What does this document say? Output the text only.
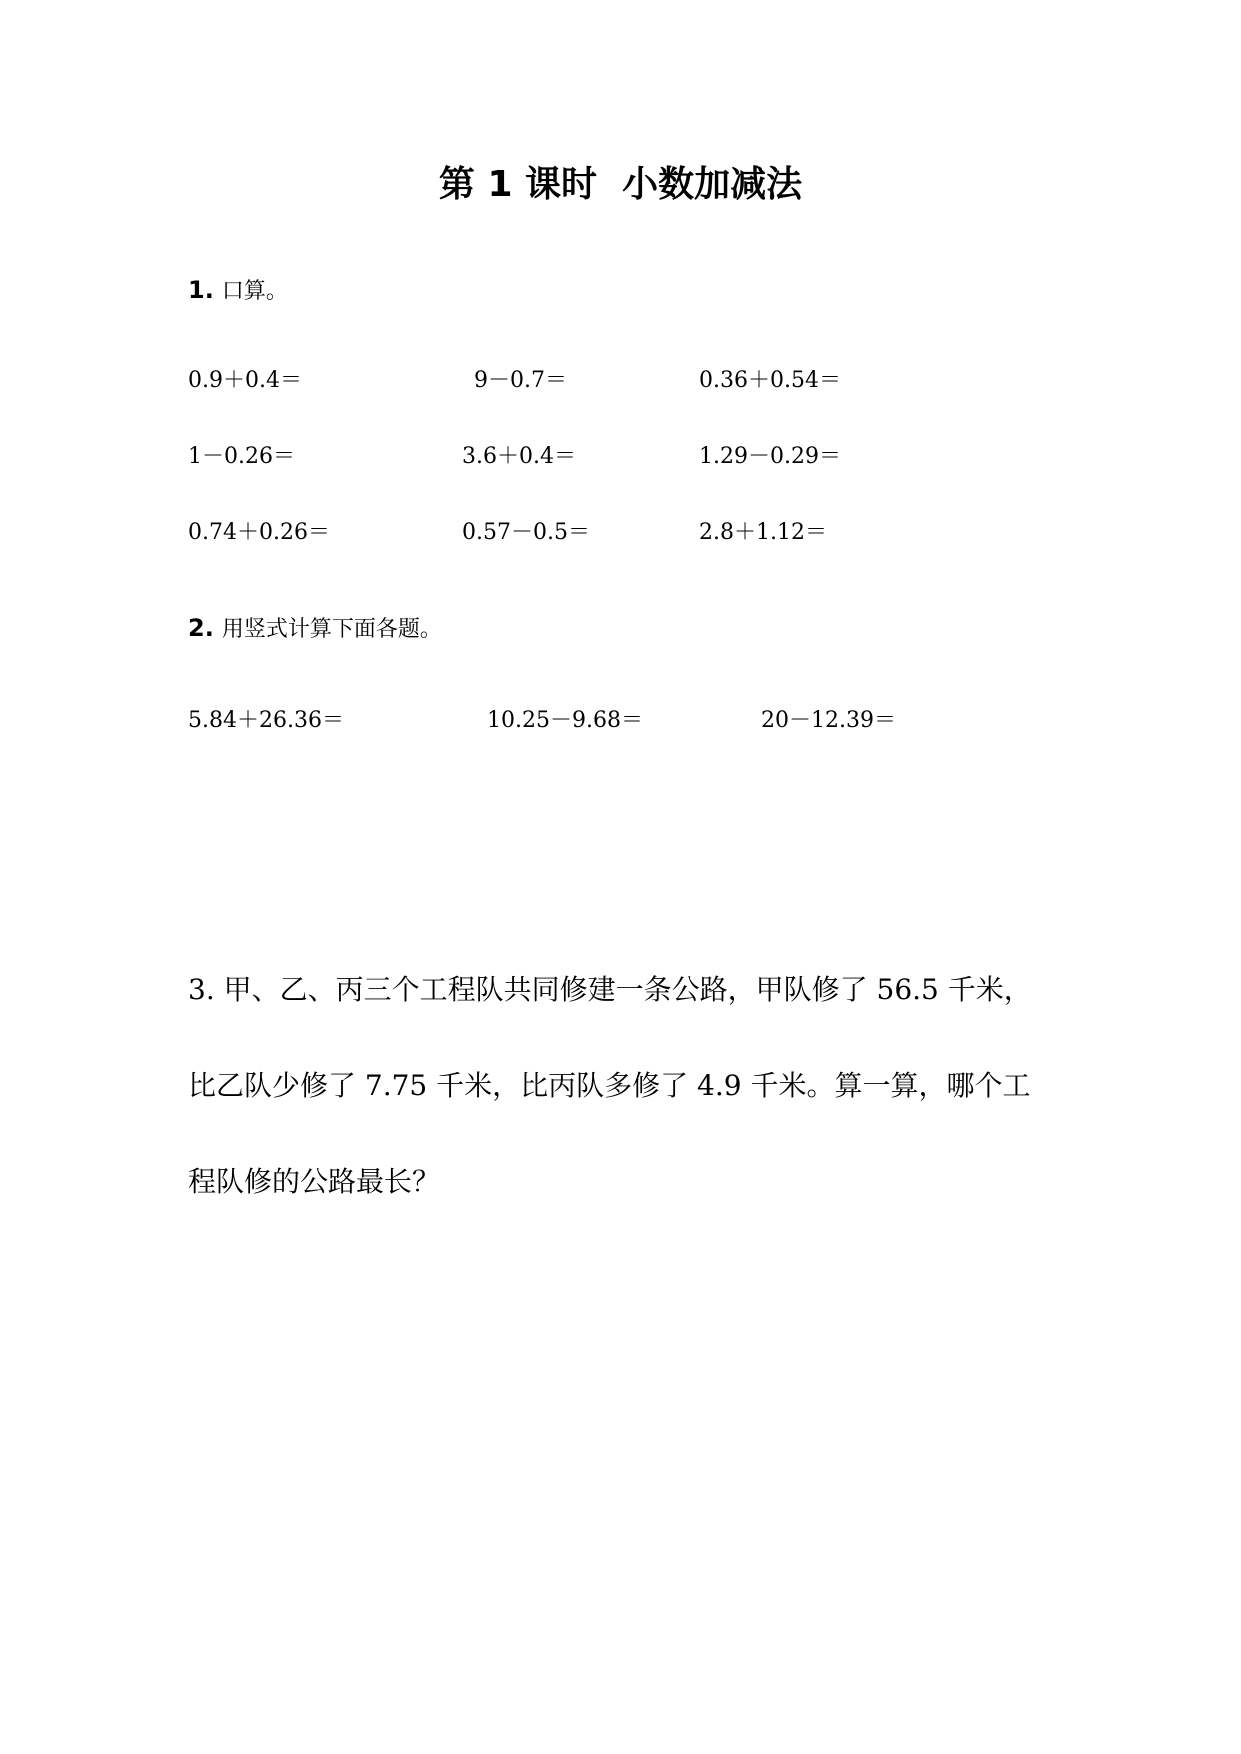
第 1 课时  小数加减法
1. 口算。
0.9＋0.4＝	9－0.7＝	0.36＋0.54＝
1－0.26＝	3.6＋0.4＝	1.29－0.29＝
0.74＋0.26＝	0.57－0.5＝	2.8＋1.12＝
2. 用竖式计算下面各题。
5.84＋26.36＝	10.25－9.68＝	20－12.39＝
3. 甲、乙、丙三个工程队共同修建一条公路，甲队修了 56.5 千米，
比乙队少修了 7.75 千米，比丙队多修了 4.9 千米。算一算，哪个工
程队修的公路最长？
